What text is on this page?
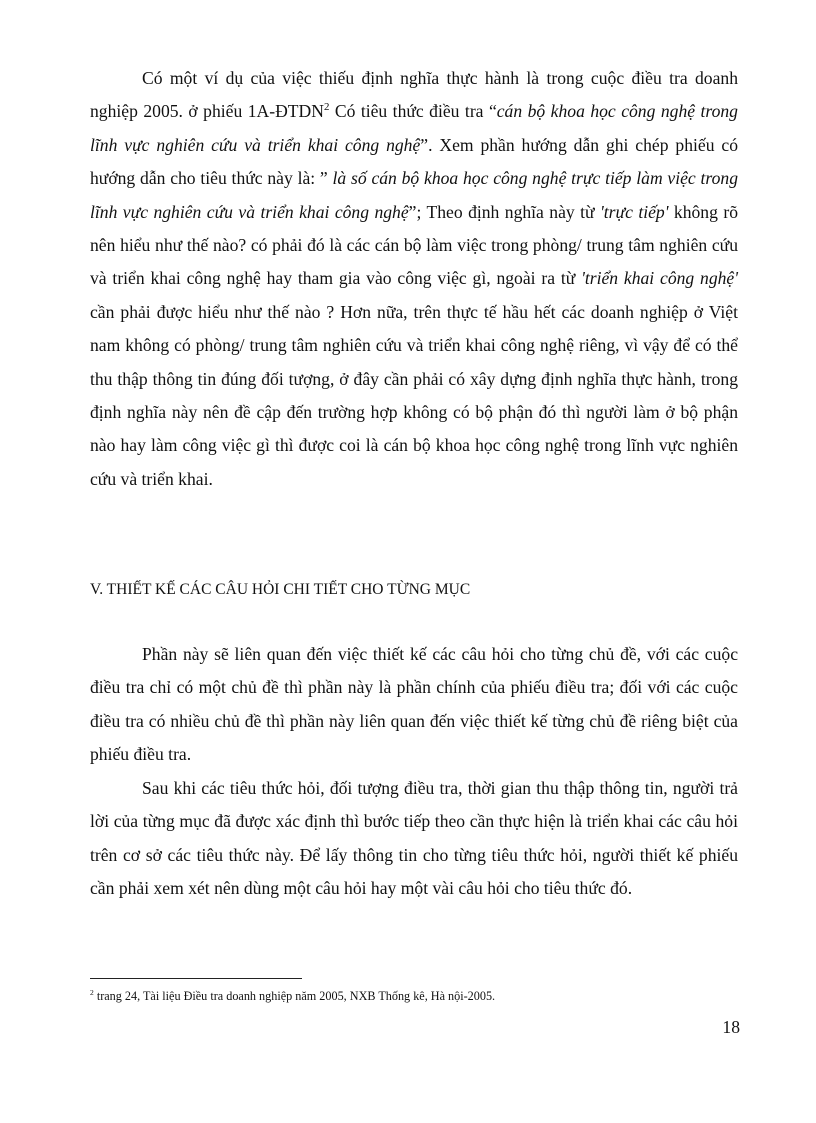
Có một ví dụ của việc thiếu định nghĩa thực hành là trong cuộc điều tra doanh nghiệp 2005. ở phiếu 1A-ĐTDN$^2$ Có tiêu thức điều tra “cán bộ khoa học công nghệ trong lĩnh vực nghiên cứu và triển khai công nghệ”. Xem phần hướng dẫn ghi chép phiếu có hướng dẫn cho tiêu thức này là: ” là số cán bộ khoa học công nghệ trực tiếp làm việc trong lĩnh vực nghiên cứu và triển khai công nghệ”; Theo định nghĩa này từ 'trực tiếp' không rõ nên hiểu như thế nào? có phải đó là các cán bộ làm việc trong phòng/ trung tâm nghiên cứu và triển khai công nghệ hay tham gia vào công việc gì, ngoài ra từ 'triển khai công nghệ' cần phải được hiểu như thế nào ? Hơn nữa, trên thực tế hầu hết các doanh nghiệp ở Việt nam không có phòng/ trung tâm nghiên cứu và triển khai công nghệ riêng, vì vậy để có thể thu thập thông tin đúng đối tượng, ở đây cần phải có xây dựng định nghĩa thực hành, trong định nghĩa này nên đề cập đến trường hợp không có bộ phận đó thì người làm ở bộ phận nào hay làm công việc gì thì được coi là cán bộ khoa học công nghệ trong lĩnh vực nghiên cứu và triển khai.

V. THIẾT KẾ CÁC CÂU HỎI CHI TIẾT CHO TỪNG MỤC

Phần này sẽ liên quan đến việc thiết kế các câu hỏi cho từng chủ đề, với các cuộc điều tra chỉ có một chủ đề thì phần này là phần chính của phiếu điều tra; đối với các cuộc điều tra có nhiều chủ đề thì phần này liên quan đến việc thiết kế từng chủ đề riêng biệt của phiếu điều tra.

Sau khi các tiêu thức hỏi, đối tượng điều tra, thời gian thu thập thông tin, người trả lời của từng mục đã được xác định thì bước tiếp theo cần thực hiện là triển khai các câu hỏi trên cơ sở các tiêu thức này. Để lấy thông tin cho từng tiêu thức hỏi, người thiết kế phiếu cần phải xem xét nên dùng một câu hỏi hay một vài câu hỏi cho tiêu thức đó.

$^2$ trang 24, Tài liệu Điều tra doanh nghiệp năm 2005, NXB Thống kê, Hà nội-2005.

18
